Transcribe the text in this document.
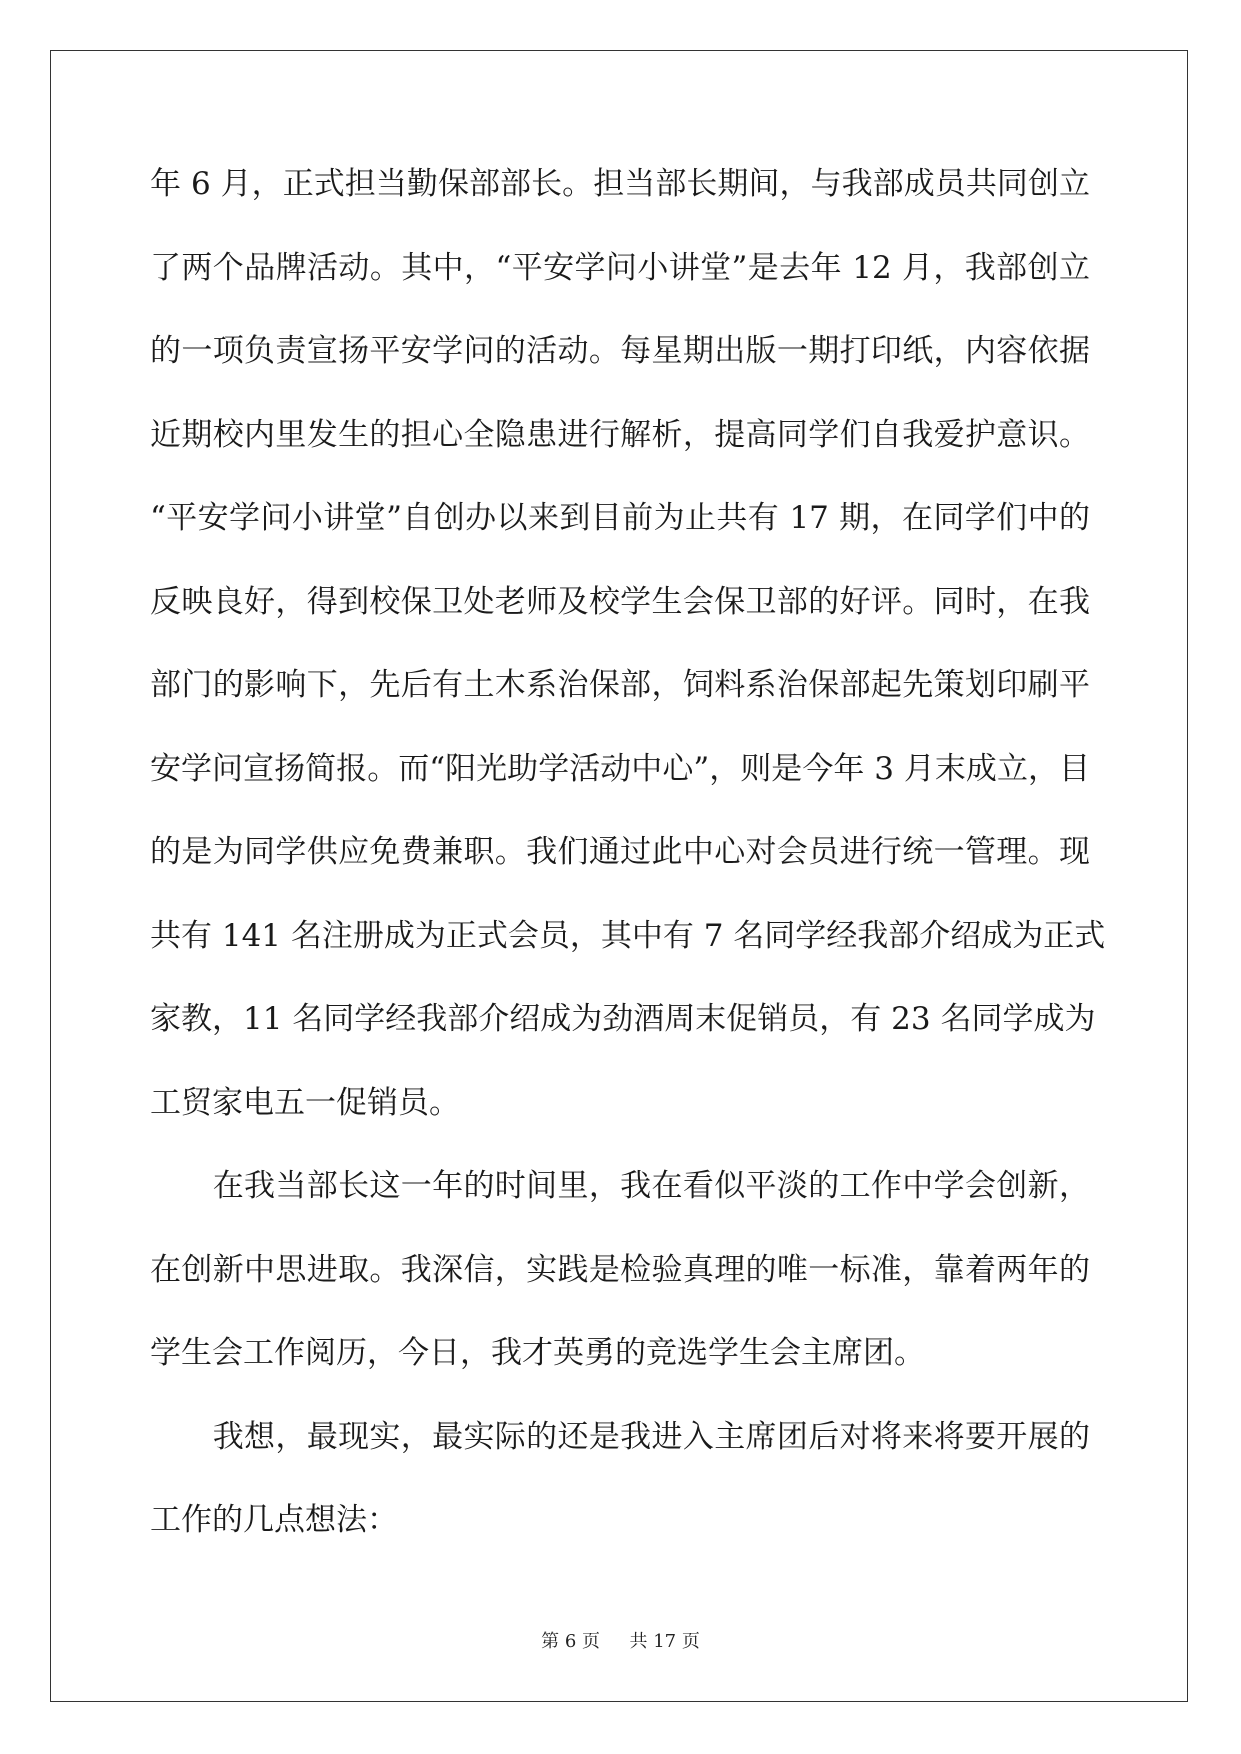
年 6 月，正式担当勤保部部长。担当部长期间，与我部成员共同创立
了两个品牌活动。其中，“平安学问小讲堂”是去年 12 月，我部创立
的一项负责宣扬平安学问的活动。每星期出版一期打印纸，内容依据
近期校内里发生的担心全隐患进行解析，提高同学们自我爱护意识。
“平安学问小讲堂”自创办以来到目前为止共有 17 期，在同学们中的
反映良好，得到校保卫处老师及校学生会保卫部的好评。同时，在我
部门的影响下，先后有土木系治保部，饲料系治保部起先策划印刷平
安学问宣扬简报。而“阳光助学活动中心”，则是今年 3 月末成立，目
的是为同学供应免费兼职。我们通过此中心对会员进行统一管理。现
共有 141 名注册成为正式会员，其中有 7 名同学经我部介绍成为正式
家教，11 名同学经我部介绍成为劲酒周末促销员，有 23 名同学成为
工贸家电五一促销员。
　　在我当部长这一年的时间里，我在看似平淡的工作中学会创新，
在创新中思进取。我深信，实践是检验真理的唯一标准，靠着两年的
学生会工作阅历，今日，我才英勇的竞选学生会主席团。
　　我想，最现实，最实际的还是我进入主席团后对将来将要开展的
工作的几点想法：
第 6 页 　 共 17 页
